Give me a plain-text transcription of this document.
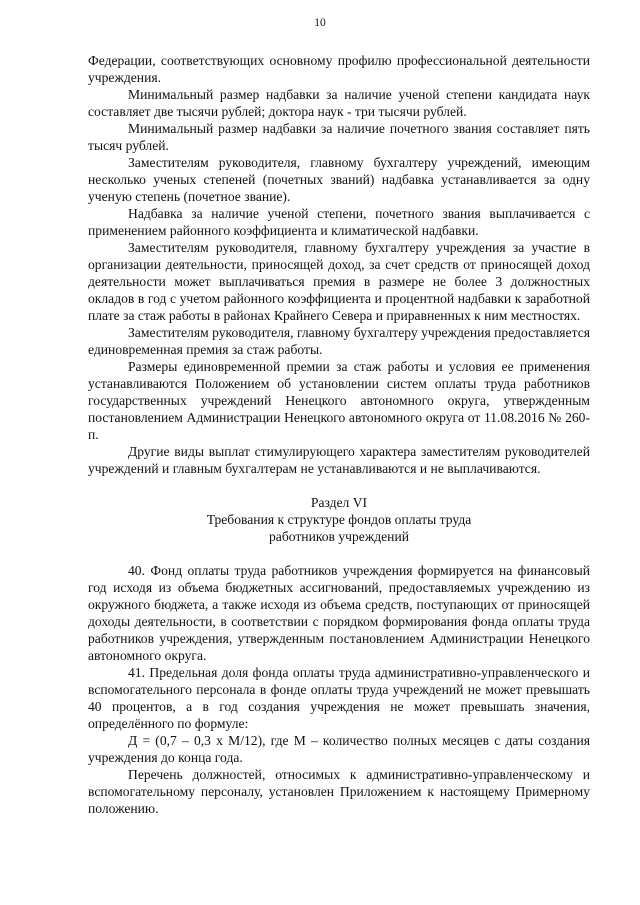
10

Федерации, соответствующих основному профилю профессиональной деятельности учреждения.

Минимальный размер надбавки за наличие ученой степени кандидата наук составляет две тысячи рублей; доктора наук - три тысячи рублей.

Минимальный размер надбавки за наличие почетного звания составляет пять тысяч рублей.

Заместителям руководителя, главному бухгалтеру учреждений, имеющим несколько ученых степеней (почетных званий) надбавка устанавливается за одну ученую степень (почетное звание).

Надбавка за наличие ученой степени, почетного звания выплачивается с применением районного коэффициента и климатической надбавки.

Заместителям руководителя, главному бухгалтеру учреждения за участие в организации деятельности, приносящей доход, за счет средств от приносящей доход деятельности может выплачиваться премия в размере не более 3 должностных окладов в год с учетом районного коэффициента и процентной надбавки к заработной плате за стаж работы в районах Крайнего Севера и приравненных к ним местностях.

Заместителям руководителя, главному бухгалтеру учреждения предоставляется единовременная премия за стаж работы.

Размеры единовременной премии за стаж работы и условия ее применения устанавливаются Положением об установлении систем оплаты труда работников государственных учреждений Ненецкого автономного округа, утвержденным постановлением Администрации Ненецкого автономного округа от 11.08.2016 № 260-п.

Другие виды выплат стимулирующего характера заместителям руководителей учреждений и главным бухгалтерам не устанавливаются и не выплачиваются.

Раздел VI
Требования к структуре фондов оплаты труда
работников учреждений

40. Фонд оплаты труда работников учреждения формируется на финансовый год исходя из объема бюджетных ассигнований, предоставляемых учреждению из окружного бюджета, а также исходя из объема средств, поступающих от приносящей доходы деятельности, в соответствии с порядком формирования фонда оплаты труда работников учреждения, утвержденным постановлением Администрации Ненецкого автономного округа.

41. Предельная доля фонда оплаты труда административно-управленческого и вспомогательного персонала в фонде оплаты труда учреждений не может превышать 40 процентов, а в год создания учреждения не может превышать значения, определённого по формуле:

Д = (0,7 – 0,3 х М/12), где М – количество полных месяцев с даты создания учреждения до конца года.

Перечень должностей, относимых к административно-управленческому и вспомогательному персоналу, установлен Приложением к настоящему Примерному положению.
